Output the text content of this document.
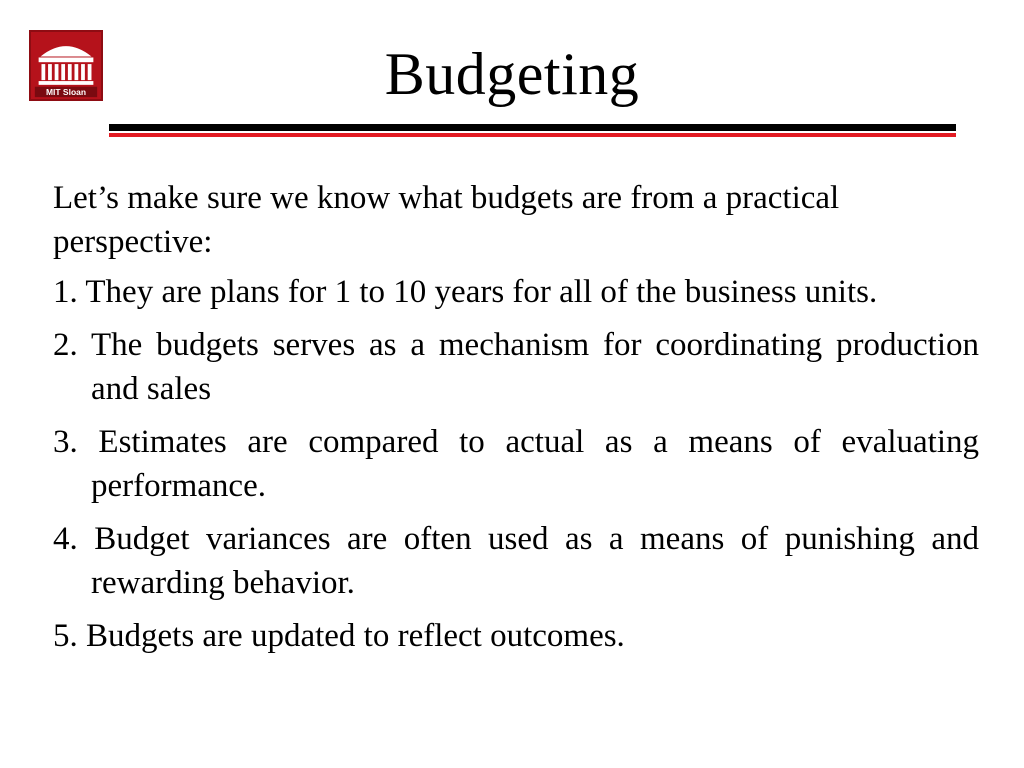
MIT Sloan	Budgeting

Let’s make sure we know what budgets are from a practical perspective:

1. They are plans for 1 to 10 years for all of the business units.
2. The budgets serves as a mechanism for coordinating production and sales
3. Estimates are compared to actual as a means of evaluating performance.
4. Budget variances are often used as a means of punishing and rewarding behavior.
5. Budgets are updated to reflect outcomes.
